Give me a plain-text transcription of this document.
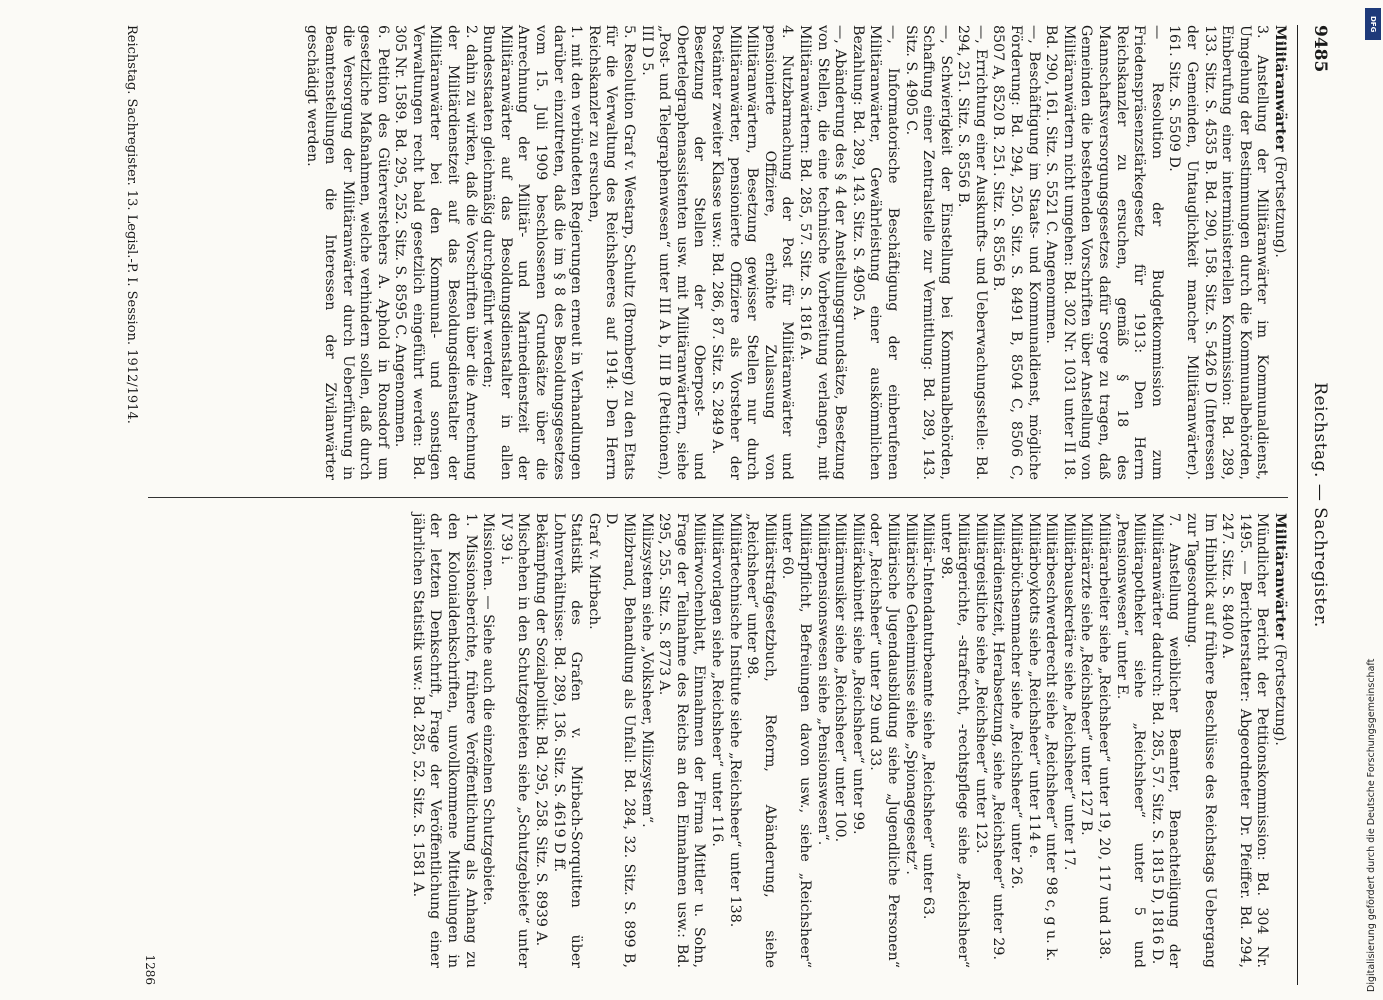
Reichstag. — Sachregister.
9485

Militäranwärter (Fortsetzung).

3. Anstellung der Militäranwärter im Kommunaldienst, Umgehung der Bestimmungen durch die Kommunalbehörden, Einberufung einer interministeriellen Kommission: Bd. 289, 133. Sitz. S. 4535 B. Bd. 290, 158. Sitz. S. 5426 D (Interessen der Gemeinden, Untauglichkeit mancher Militäranwärter). 161. Sitz. S. 5509 D.

— Resolution der Budgetkommission zum Friedenspräsenzstärkegesetz für 1913: Den Herrn Reichskanzler zu ersuchen, gemäß § 18 des Mannschaftsversorgungsgesetzes dafür Sorge zu tragen, daß Gemeinden die bestehenden Vorschriften über Anstellung von Militäranwärtern nicht umgehen: Bd. 302 Nr. 1031 unter II 18. Bd. 290, 161. Sitz. S. 5521 C. Angenommen.

—, Beschäftigung im Staats- und Kommunaldienst, mögliche Förderung: Bd. 294, 250. Sitz. S. 8491 B, 8504 C, 8506 C, 8507 A, 8520 B. 251. Sitz. S. 8556 B.

—, Errichtung einer Auskunfts- und Ueberwachungsstelle: Bd. 294, 251. Sitz. S. 8556 B.

—, Schwierigkeit der Einstellung bei Kommunalbehörden, Schaffung einer Zentralstelle zur Vermittlung: Bd. 289, 143. Sitz. S. 4905 C.

—, Informatorische Beschäftigung der einberufenen Militäranwärter, Gewährleistung einer auskömmlichen Bezahlung: Bd. 289, 143. Sitz. S. 4905 A.

—, Abänderung des § 4 der Anstellungsgrundsätze, Besetzung von Stellen, die eine technische Vorbereitung verlangen, mit Militäranwärtern: Bd. 285, 57. Sitz. S. 1816 A.

4. Nutzbarmachung der Post für Militäranwärter und pensionierte Offiziere, erhöhte Zulassung von Militäranwärtern, Besetzung gewisser Stellen nur durch Militäranwärter, pensionierte Offiziere als Vorsteher der Postämter zweiter Klasse usw.: Bd. 286, 87. Sitz. S. 2849 A.

Besetzung der Stellen der Oberpost- und Obertelegraphenassistenten usw. mit Militäranwärtern, siehe „Post- und Telegraphenwesen“ unter III A b, III B (Petitionen), III D 5.

5. Resolution Graf v. Westarp, Schultz (Bromberg) zu den Etats für die Verwaltung des Reichsheeres auf 1914: Den Herrn Reichskanzler zu ersuchen,

1. mit den verbündeten Regierungen erneut in Verhandlungen darüber einzutreten, daß die im § 8 des Besoldungsgesetzes vom 15. Juli 1909 beschlossenen Grundsätze über die Anrechnung der Militär- und Marinedienstzeit der Militäranwärter auf das Besoldungsdienstalter in allen Bundesstaaten gleichmäßig durchgeführt werden;

2. dahin zu wirken, daß die Vorschriften über die Anrechnung der Militärdienstzeit auf das Besoldungsdienstalter der Militäranwärter bei den Kommunal- und sonstigen Verwaltungen recht bald gesetzlich eingeführt werden: Bd. 305 Nr. 1589. Bd. 295, 252. Sitz. S. 8595 C. Angenommen.

6. Petition des Güterverstehers A. Aphold in Ronsdorf um gesetzliche Maßnahmen, welche verhindern sollen, daß durch die Versorgung der Militäranwärter durch Ueberführung in Beamtenstellungen die Interessen der Zivilanwärter geschädigt werden.

Militäranwärter (Fortsetzung).

Mündlicher Bericht der Petitionskommission: Bd. 304 Nr. 1495. — Berichterstatter: Abgeordneter Dr. Pfeiffer. Bd. 294, 247. Sitz. S. 8400 A.

Im Hinblick auf frühere Beschlüsse des Reichstags Uebergang zur Tagesordnung.

7. Anstellung weiblicher Beamter, Benachteiligung der Militäranwärter dadurch: Bd. 285, 57. Sitz. S. 1815 D, 1816 D.

Militärapotheker siehe „Reichsheer“ unter 5 und „Pensionswesen“ unter E.

Militärarbeiter siehe „Reichsheer“ unter 19, 20, 117 und 138.

Militärärzte siehe „Reichsheer“ unter 127 B.

Militärbausekretäre siehe „Reichsheer“ unter 17.

Militärbeschwerderecht siehe „Reichsheer“ unter 98 c, g u. k.

Militärboykotts siehe „Reichsheer“ unter 114 e.

Militärbüchsenmacher siehe „Reichsheer“ unter 26.

Militärdienstzeit, Herabsetzung, siehe „Reichsheer“ unter 29.

Militärgeistliche siehe „Reichsheer“ unter 123.

Militärgerichte, -strafrecht, -rechtspflege siehe „Reichsheer“ unter 98.

Militär-Intendanturbeamte siehe „Reichsheer“ unter 63.

Militärische Geheimnisse siehe „Spionagegesetz“.

Militärische Jugendausbildung siehe „Jugendliche Personen“ oder „Reichsheer“ unter 29 und 33.

Militärkabinett siehe „Reichsheer“ unter 99.

Militärmusiker siehe „Reichsheer“ unter 100.

Militärpensionswesen siehe „Pensionswesen“.

Militärpflicht, Befreiungen davon usw., siehe „Reichsheer“ unter 60.

Militärstrafgesetzbuch, Reform, Abänderung, siehe „Reichsheer“ unter 98.

Militärtechnische Institute siehe „Reichsheer“ unter 138.

Militärvorlagen siehe „Reichsheer“ unter 116.

Militärwochenblatt, Einnahmen der Firma Mittler u. Sohn, Frage der Teilnahme des Reichs an den Einnahmen usw.: Bd. 295, 255. Sitz. S. 8773 A.

Milizsystem siehe „Volksheer, Milizsystem“.

Milzbrand, Behandlung als Unfall: Bd. 284, 32. Sitz. S. 899 B, D.

Graf v. Mirbach.

Statistik des Grafen v. Mirbach-Sorquitten über Lohnverhältnisse: Bd. 289, 136. Sitz. S. 4619 D ff.

Bekämpfung der Sozialpolitik: Bd. 295, 258. Sitz. S. 8939 A.

Mischehen in den Schutzgebieten siehe „Schutzgebiete“ unter IV 39 i.

Missionen. — Siehe auch die einzelnen Schutzgebiete.

1. Missionsberichte, frühere Veröffentlichung als Anhang zu den Kolonialdenkschriften, unvollkommene Mitteilungen in der letzten Denkschrift, Frage der Veröffentlichung einer jährlichen Statistik usw.: Bd. 285, 52. Sitz. S. 1581 A.

Reichstag. Sachregister. 13. Legisl.-P. I. Session. 1912/1914.
1286
DFG
Digitalisierung gefördert durch die Deutsche Forschungsgemeinschaft
